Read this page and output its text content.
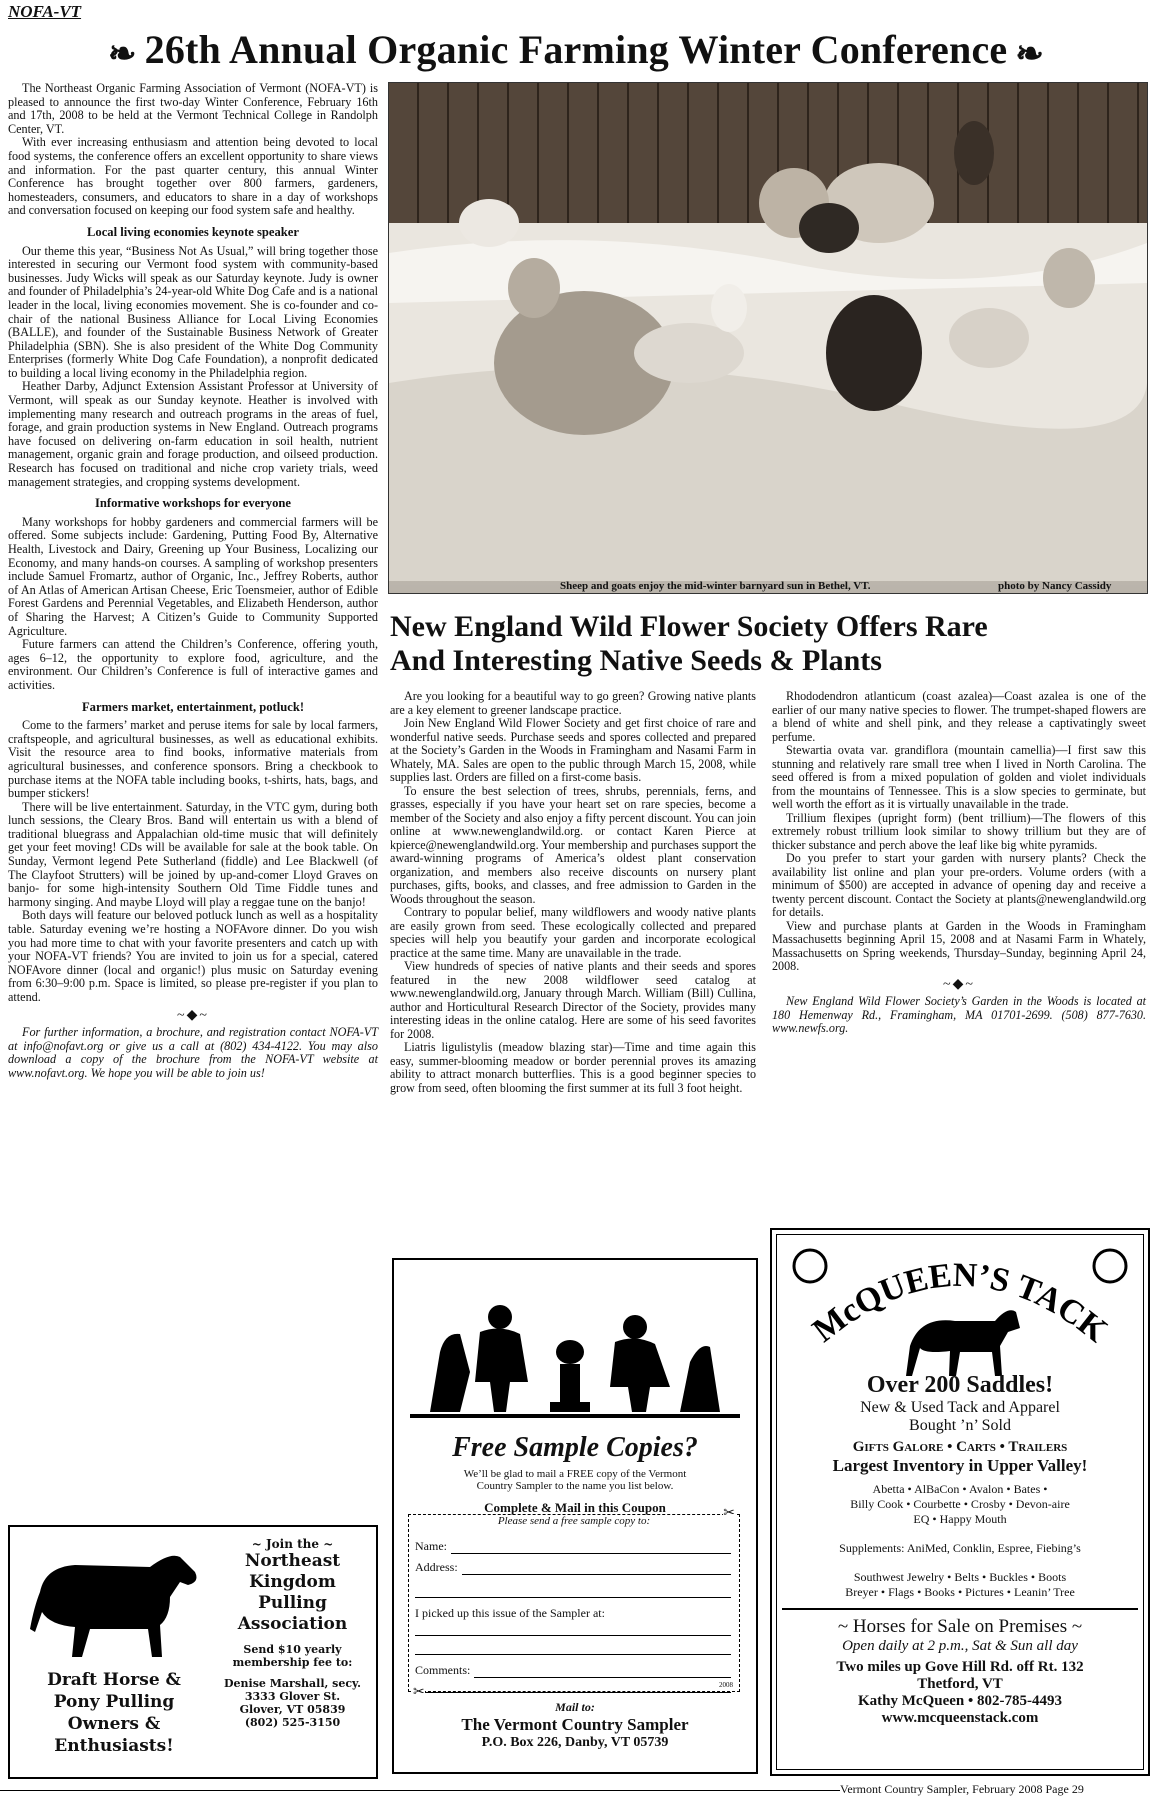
NOFA-VT
❧ 26th Annual Organic Farming Winter Conference ❧

The Northeast Organic Farming Association of Vermont (NOFA-VT) is pleased to announce the first two-day Winter Conference, February 16th and 17th, 2008 to be held at the Vermont Technical College in Randolph Center, VT.

With ever increasing enthusiasm and attention being devoted to local food systems, the conference offers an excellent opportunity to share views and information. For the past quarter century, this annual Winter Conference has brought together over 800 farmers, gardeners, homesteaders, consumers, and educators to share in a day of workshops and conversation focused on keeping our food system safe and healthy.

Local living economies keynote speaker

Our theme this year, “Business Not As Usual,” will bring together those interested in securing our Vermont food system with community-based businesses. Judy Wicks will speak as our Saturday keynote. Judy is owner and founder of Philadelphia’s 24-year-old White Dog Cafe and is a national leader in the local, living economies movement. She is co-founder and co-chair of the national Business Alliance for Local Living Economies (BALLE), and founder of the Sustainable Business Network of Greater Philadelphia (SBN). She is also president of the White Dog Community Enterprises (formerly White Dog Cafe Foundation), a nonprofit dedicated to building a local living economy in the Philadelphia region.

Heather Darby, Adjunct Extension Assistant Professor at University of Vermont, will speak as our Sunday keynote. Heather is involved with implementing many research and outreach programs in the areas of fuel, forage, and grain production systems in New England. Outreach programs have focused on delivering on-farm education in soil health, nutrient management, organic grain and forage production, and oilseed production. Research has focused on traditional and niche crop variety trials, weed management strategies, and cropping systems development.

Informative workshops for everyone

Many workshops for hobby gardeners and commercial farmers will be offered. Some subjects include: Gardening, Putting Food By, Alternative Health, Livestock and Dairy, Greening up Your Business, Localizing our Economy, and many hands-on courses. A sampling of workshop presenters include Samuel Fromartz, author of Organic, Inc., Jeffrey Roberts, author of An Atlas of American Artisan Cheese, Eric Toensmeier, author of Edible Forest Gardens and Perennial Vegetables, and Elizabeth Henderson, author of Sharing the Harvest; A Citizen’s Guide to Community Supported Agriculture.

Future farmers can attend the Children’s Conference, offering youth, ages 6–12, the opportunity to explore food, agriculture, and the environment. Our Children’s Conference is full of interactive games and activities.

Farmers market, entertainment, potluck!

Come to the farmers’ market and peruse items for sale by local farmers, craftspeople, and agricultural businesses, as well as educational exhibits. Visit the resource area to find books, informative materials from agricultural businesses, and conference sponsors. Bring a checkbook to purchase items at the NOFA table including books, t-shirts, hats, bags, and bumper stickers!

There will be live entertainment. Saturday, in the VTC gym, during both lunch sessions, the Cleary Bros. Band will entertain us with a blend of traditional bluegrass and Appalachian old-time music that will definitely get your feet moving! CDs will be available for sale at the book table. On Sunday, Vermont legend Pete Sutherland (fiddle) and Lee Blackwell (of The Clayfoot Strutters) will be joined by up-and-comer Lloyd Graves on banjo- for some high-intensity Southern Old Time Fiddle tunes and harmony singing. And maybe Lloyd will play a reggae tune on the banjo!

Both days will feature our beloved potluck lunch as well as a hospitality table. Saturday evening we’re hosting a NOFAvore dinner. Do you wish you had more time to chat with your favorite presenters and catch up with your NOFA-VT friends? You are invited to join us for a special, catered NOFAvore dinner (local and organic!) plus music on Saturday evening from 6:30–9:00 p.m. Space is limited, so please pre-register if you plan to attend.

~◆~

For further information, a brochure, and registration contact NOFA-VT at info@nofavt.org or give us a call at (802) 434-4122. You may also download a copy of the brochure from the NOFA-VT website at www.nofavt.org. We hope you will be able to join us!

Sheep and goats enjoy the mid-winter barnyard sun in Bethel, VT.	photo by Nancy Cassidy
New England Wild Flower Society Offers Rare
And Interesting Native Seeds & Plants

Are you looking for a beautiful way to go green? Growing native plants are a key element to greener landscape practice.

Join New England Wild Flower Society and get first choice of rare and wonderful native seeds. Purchase seeds and spores collected and prepared at the Society’s Garden in the Woods in Framingham and Nasami Farm in Whately, MA. Sales are open to the public through March 15, 2008, while supplies last. Orders are filled on a first-come basis.

To ensure the best selection of trees, shrubs, perennials, ferns, and grasses, especially if you have your heart set on rare species, become a member of the Society and also enjoy a fifty percent discount. You can join online at www.newenglandwild.org. or contact Karen Pierce at kpierce@newenglandwild.org. Your membership and purchases support the award-winning programs of America’s oldest plant conservation organization, and members also receive discounts on nursery plant purchases, gifts, books, and classes, and free admission to Garden in the Woods throughout the season.

Contrary to popular belief, many wildflowers and woody native plants are easily grown from seed. These ecologically collected and prepared species will help you beautify your garden and incorporate ecological practice at the same time. Many are unavailable in the trade.

View hundreds of species of native plants and their seeds and spores featured in the new 2008 wildflower seed catalog at www.newenglandwild.org, January through March. William (Bill) Cullina, author and Horticultural Research Director of the Society, provides many interesting ideas in the online catalog. Here are some of his seed favorites for 2008.

Liatris ligulistylis (meadow blazing star)—Time and time again this easy, summer-blooming meadow or border perennial proves its amazing ability to attract monarch butterflies. This is a good beginner species to grow from seed, often blooming the first summer at its full 3 foot height.

Rhododendron atlanticum (coast azalea)—Coast azalea is one of the earlier of our many native species to flower. The trumpet-shaped flowers are a blend of white and shell pink, and they release a captivatingly sweet perfume.

Stewartia ovata var. grandiflora (mountain camellia)—I first saw this stunning and relatively rare small tree when I lived in North Carolina. The seed offered is from a mixed population of golden and violet individuals from the mountains of Tennessee. This is a slow species to germinate, but well worth the effort as it is virtually unavailable in the trade.

Trillium flexipes (upright form) (bent trillium)—The flowers of this extremely robust trillium look similar to showy trillium but they are of thicker substance and perch above the leaf like big white pyramids.

Do you prefer to start your garden with nursery plants? Check the availability list online and plan your pre-orders. Volume orders (with a minimum of $500) are accepted in advance of opening day and receive a twenty percent discount. Contact the Society at plants@newenglandwild.org for details.

View and purchase plants at Garden in the Woods in Framingham Massachusetts beginning April 15, 2008 and at Nasami Farm in Whately, Massachusetts on Spring weekends, Thursday–Sunday, beginning April 24, 2008.

~◆~

New England Wild Flower Society’s Garden in the Woods is located at 180 Hemenway Rd., Framingham, MA 01701-2699. (508) 877-7630. www.newfs.org.

Draft Horse &
Pony Pulling
Owners &
Enthusiasts!
~ Join the ~
Northeast
Kingdom
Pulling
Association
Send $10 yearly
membership fee to:
Denise Marshall, secy.
3333 Glover St.
Glover, VT 05839
(802) 525-3150
Free Sample Copies?
We’ll be glad to mail a FREE copy of the Vermont
Country Sampler to the name you list below.
Complete & Mail in this Coupon
Please send a free sample copy to:	✂
Name:
Address:
I picked up this issue of the Sampler at:
Comments:
✂	2008
Mail to:
The Vermont Country Sampler
P.O. Box 226, Danby, VT 05739
McQUEEN’S TACK
Over 200 Saddles!
New & Used Tack and Apparel
Bought ’n’ Sold
Gifts Galore • Carts • Trailers
Largest Inventory in Upper Valley!
Abetta • AlBaCon • Avalon • Bates •
Billy Cook • Courbette • Crosby • Devon-aire
EQ • Happy Mouth
Supplements: AniMed, Conklin, Espree, Fiebing’s
Southwest Jewelry • Belts • Buckles • Boots
Breyer • Flags • Books • Pictures • Leanin’ Tree
~ Horses for Sale on Premises ~
Open daily at 2 p.m., Sat & Sun all day
Two miles up Gove Hill Rd. off Rt. 132
Thetford, VT
Kathy McQueen • 802-785-4493
www.mcqueenstack.com
Vermont Country Sampler, February 2008 Page 29
